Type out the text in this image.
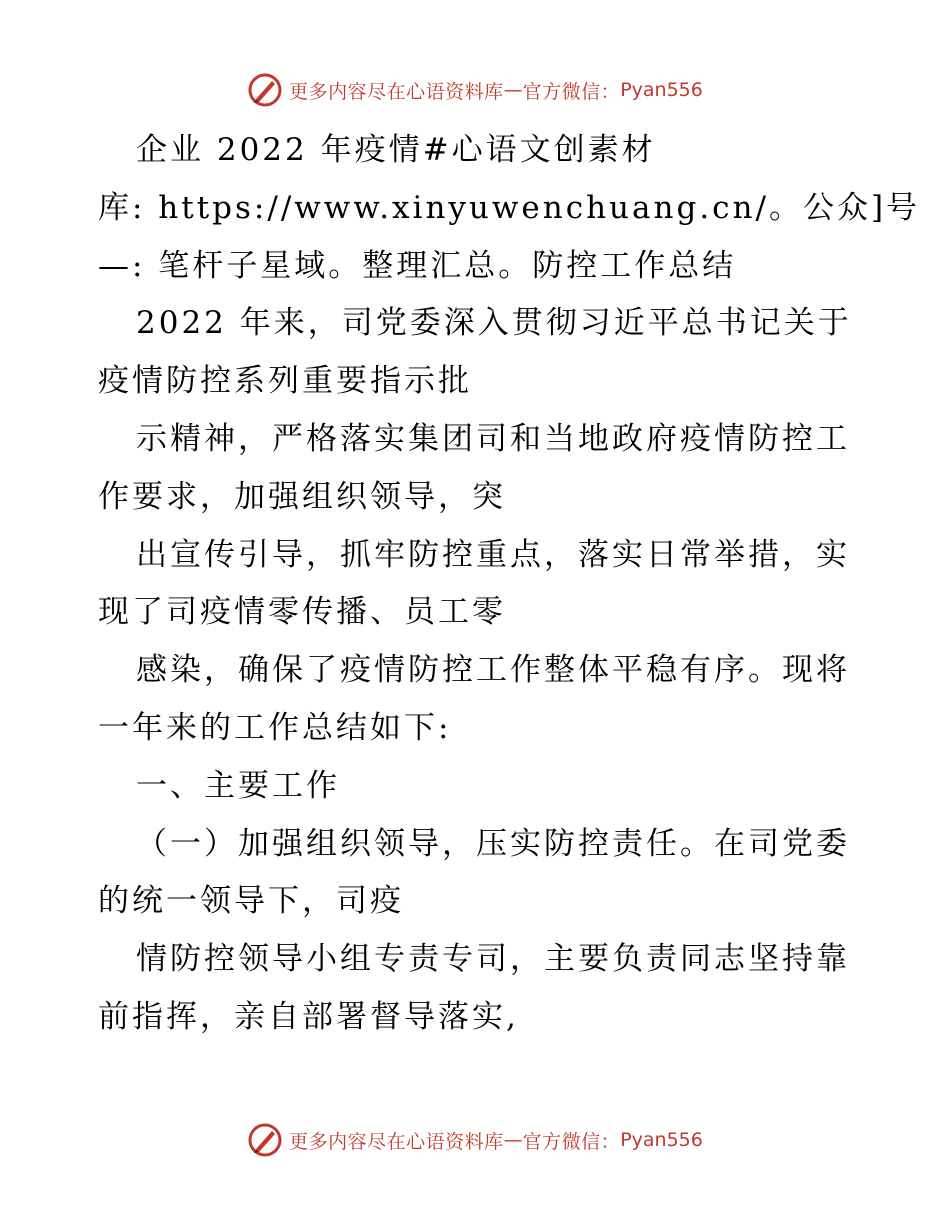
更多内容尽在心语资料库 — 官方微信： Pyan556
企业 2022 年疫情#心语文创素材
库: https://www.xinyuwenchuang.cn/。公众]号
—: 笔杆子星域。整理汇总。防控工作总结
2022 年来，司党委深入贯彻习近平总书记关于
疫情防控系列重要指示批
示精神，严格落实集团司和当地政府疫情防控工
作要求，加强组织领导，突
出宣传引导，抓牢防控重点，落实日常举措，实
现了司疫情零传播、员工零
感染，确保了疫情防控工作整体平稳有序。现将
一年来的工作总结如下:
一、主要工作
（一）加强组织领导，压实防控责任。在司党委
的统一领导下，司疫
情防控领导小组专责专司，主要负责同志坚持靠
前指挥，亲自部署督导落实,
更多内容尽在心语资料库 — 官方微信： Pyan556
